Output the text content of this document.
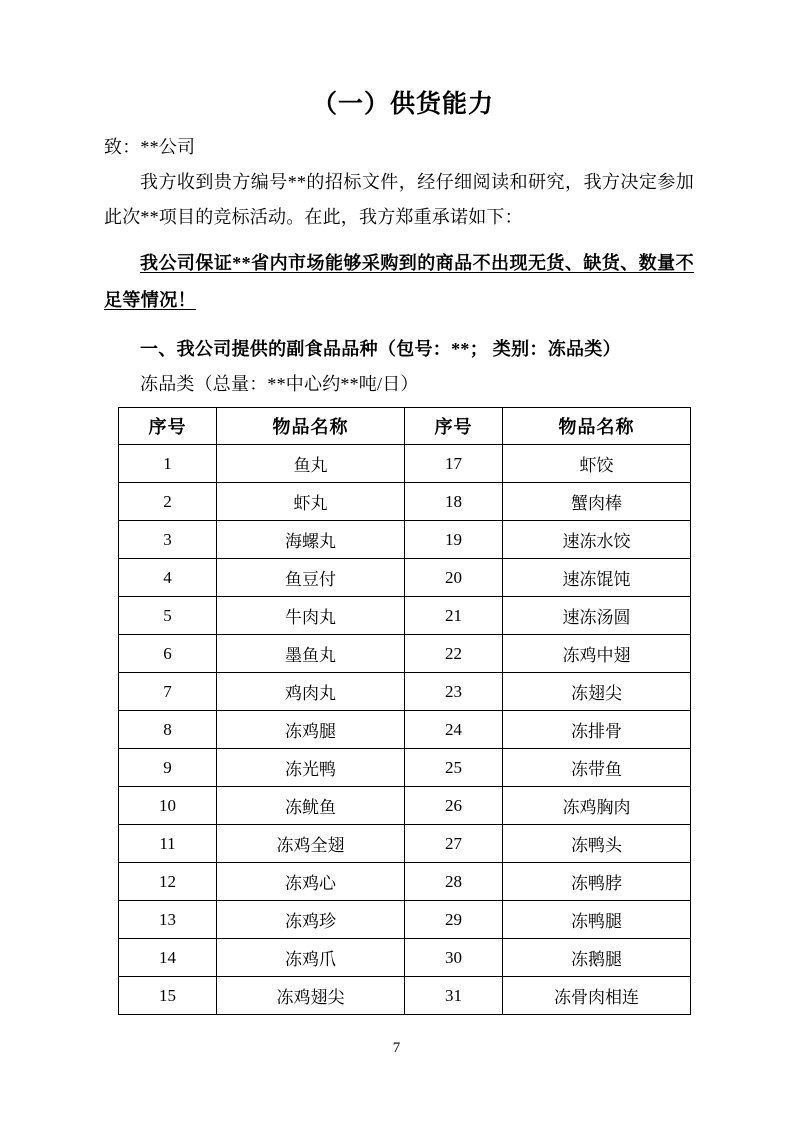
（一）供货能力

致：**公司

我方收到贵方编号**的招标文件，经仔细阅读和研究，我方决定参加此次**项目的竞标活动。在此，我方郑重承诺如下：

我公司保证**省内市场能够采购到的商品不出现无货、缺货、数量不足等情况！

一、我公司提供的副食品品种（包号：**； 类别：冻品类）

冻品类（总量：**中心约**吨/日）

序号	物品名称	序号	物品名称
1	鱼丸	17	虾饺
2	虾丸	18	蟹肉棒
3	海螺丸	19	速冻水饺
4	鱼豆付	20	速冻馄饨
5	牛肉丸	21	速冻汤圆
6	墨鱼丸	22	冻鸡中翅
7	鸡肉丸	23	冻翅尖
8	冻鸡腿	24	冻排骨
9	冻光鸭	25	冻带鱼
10	冻鱿鱼	26	冻鸡胸肉
11	冻鸡全翅	27	冻鸭头
12	冻鸡心	28	冻鸭脖
13	冻鸡珍	29	冻鸭腿
14	冻鸡爪	30	冻鹅腿
15	冻鸡翅尖	31	冻骨肉相连
7
